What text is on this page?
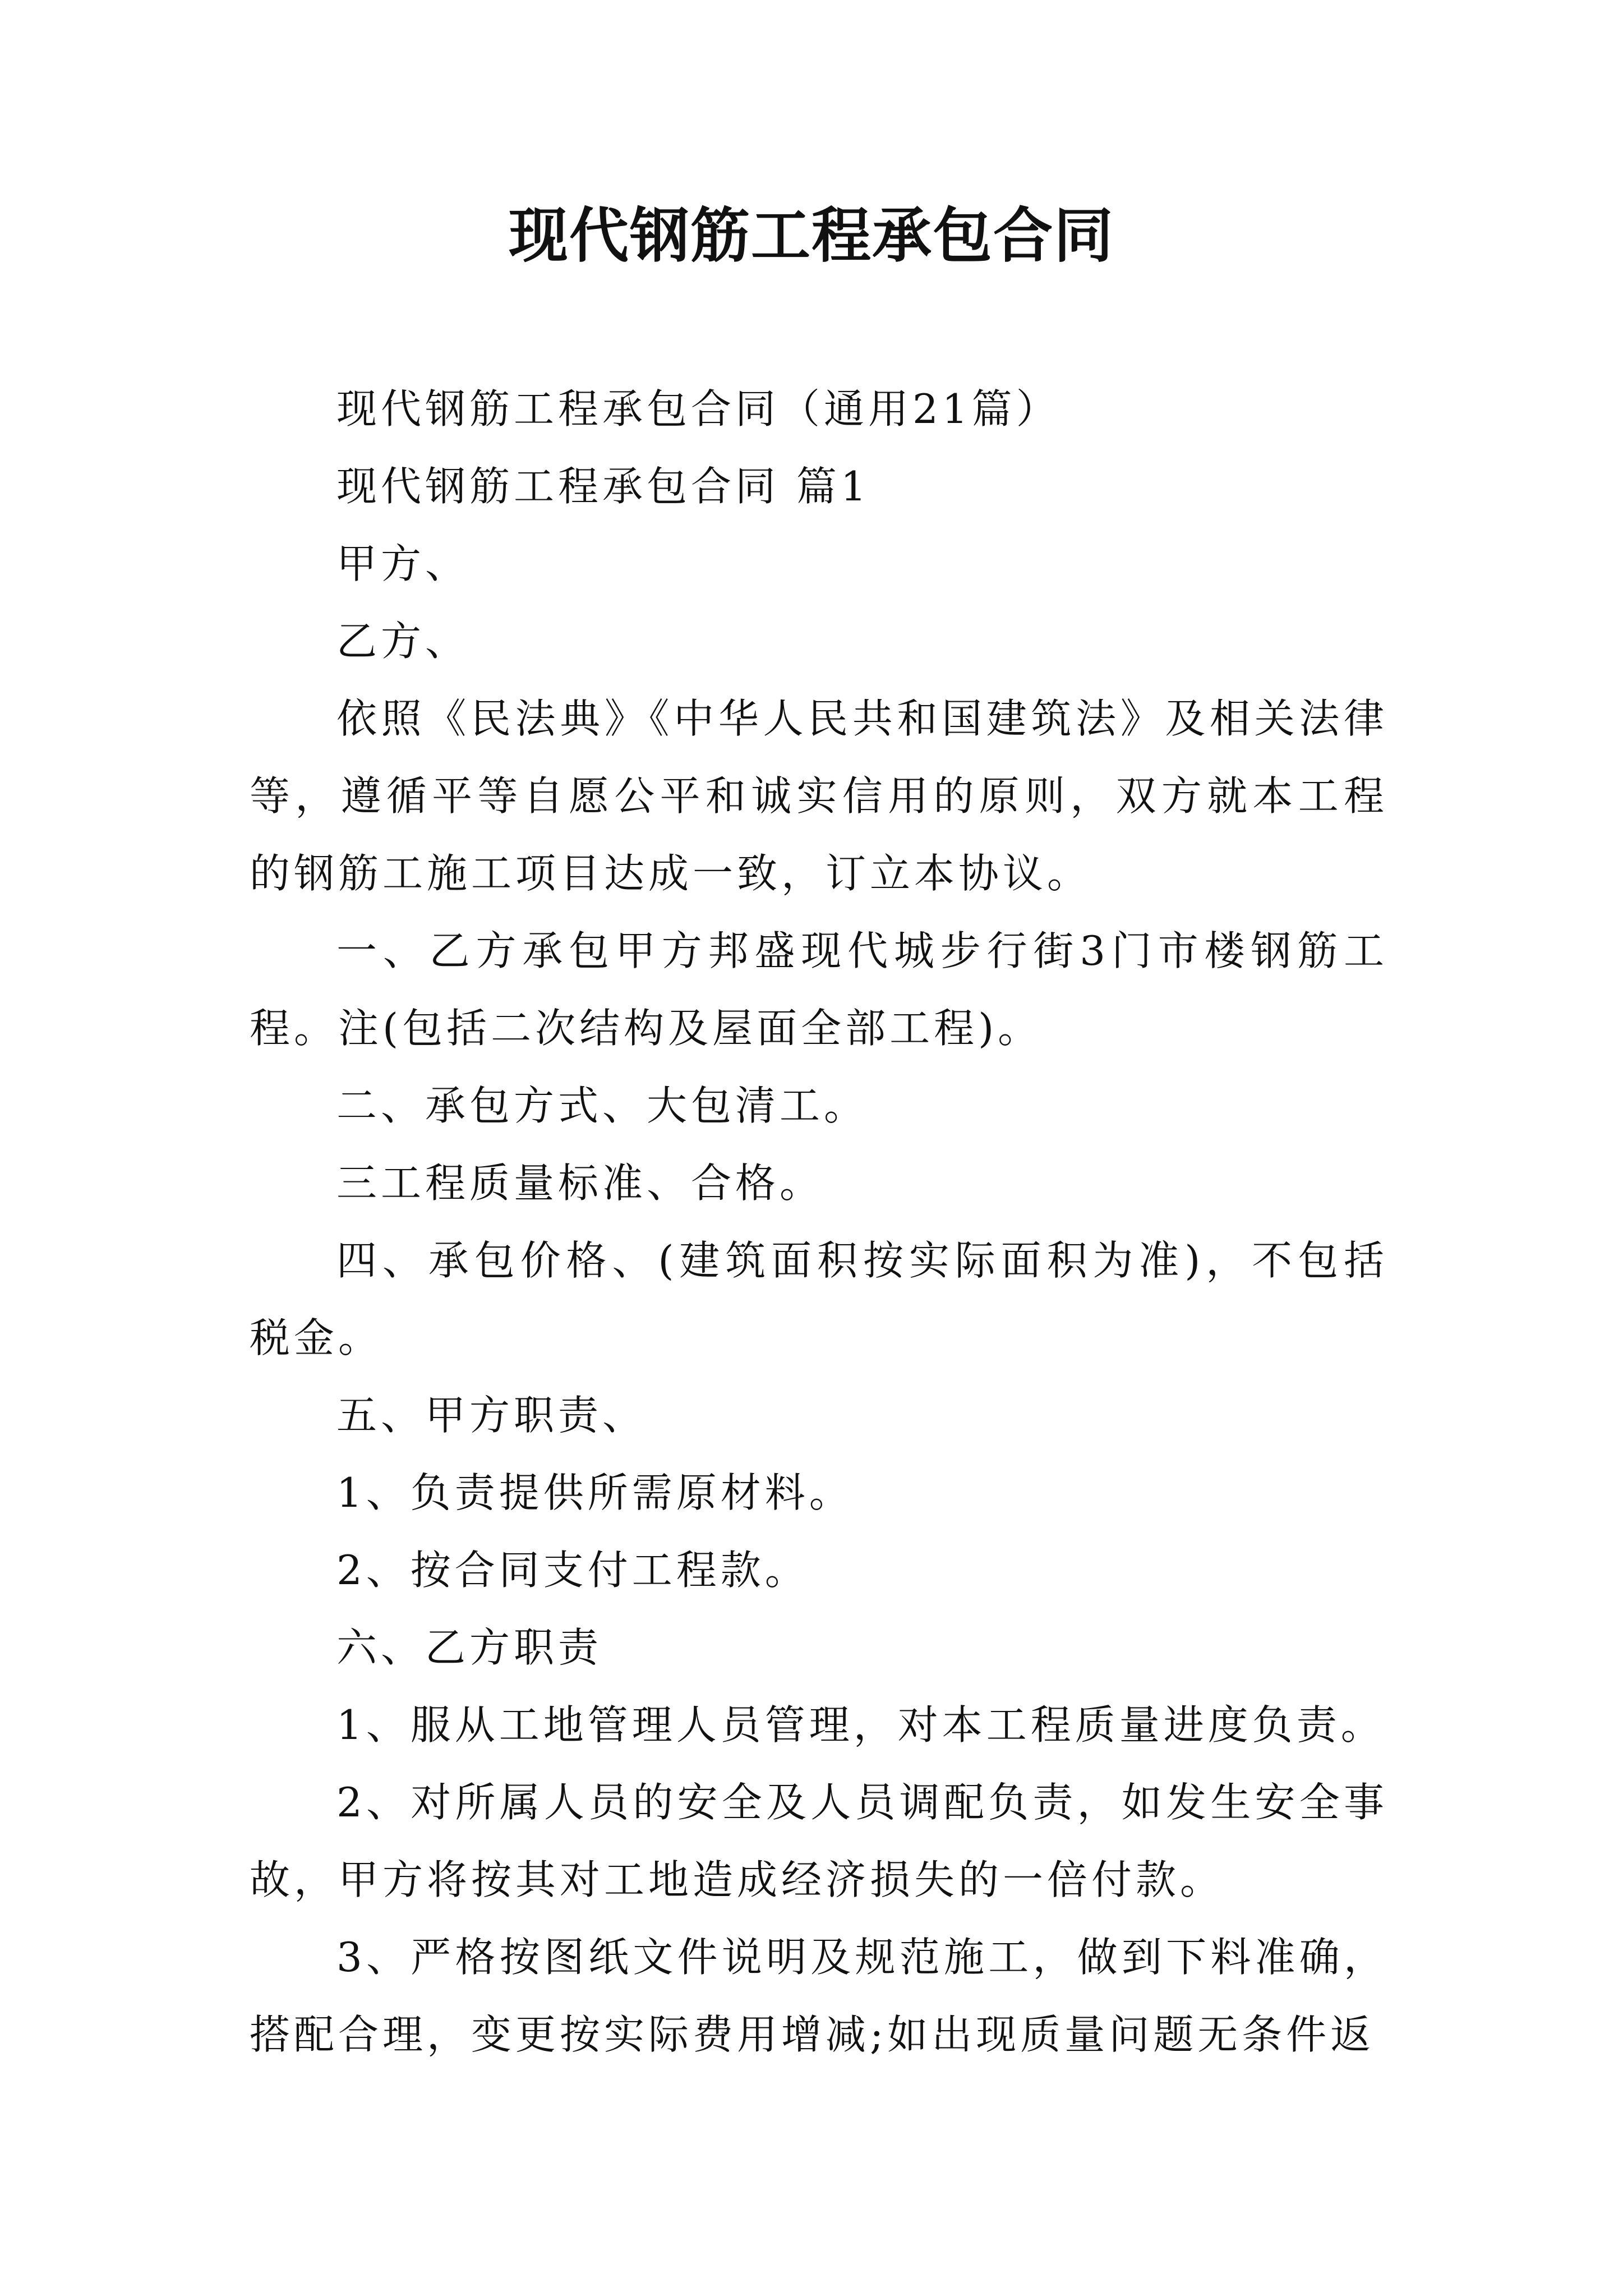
现代钢筋工程承包合同

现代钢筋工程承包合同（通用21篇）

现代钢筋工程承包合同 篇1

甲方、

乙方、

依照《民法典》《中华人民共和国建筑法》及相关法律等，遵循平等自愿公平和诚实信用的原则，双方就本工程的钢筋工施工项目达成一致，订立本协议。

一、乙方承包甲方邦盛现代城步行街3门市楼钢筋工程。注(包括二次结构及屋面全部工程)。

二、承包方式、大包清工。

三工程质量标准、合格。

四、承包价格、(建筑面积按实际面积为准)，不包括税金。

五、甲方职责、

1、负责提供所需原材料。

2、按合同支付工程款。

六、乙方职责

1、服从工地管理人员管理，对本工程质量进度负责。

2、对所属人员的安全及人员调配负责，如发生安全事故，甲方将按其对工地造成经济损失的一倍付款。

3、严格按图纸文件说明及规范施工，做到下料准确，搭配合理，变更按实际费用增减;如出现质量问题无条件返
